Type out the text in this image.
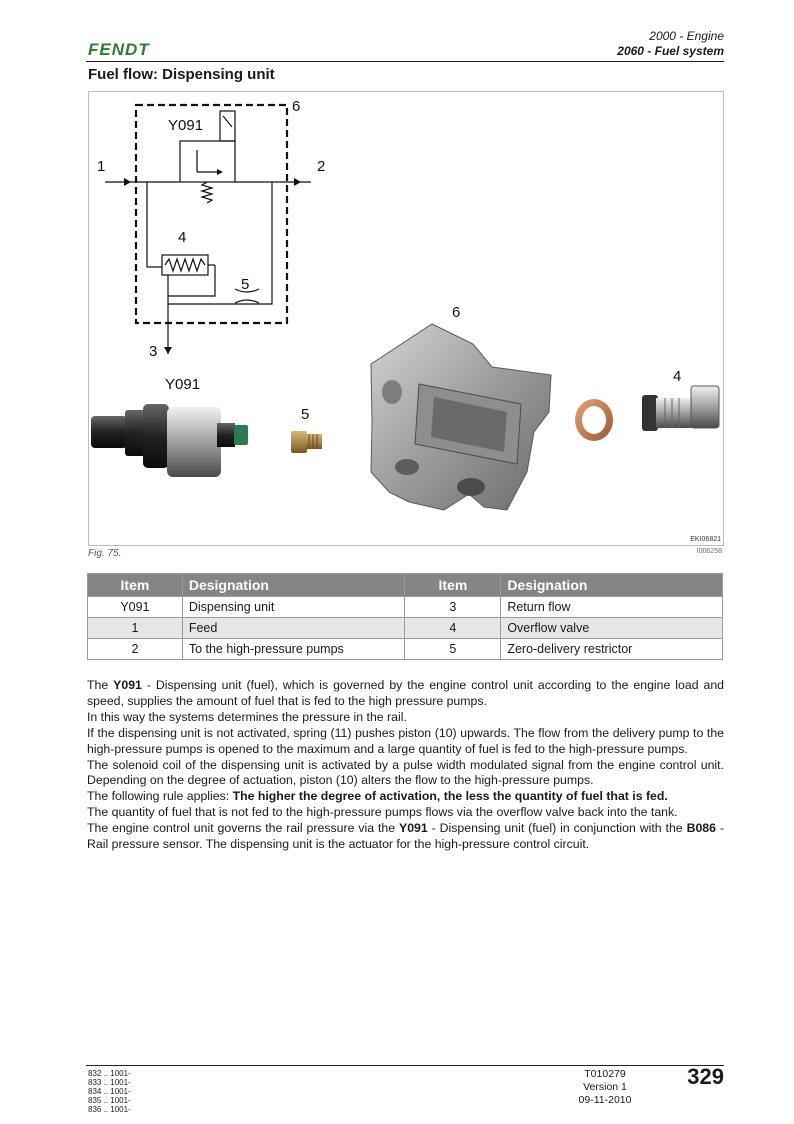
FENDT
2000 - Engine
2060 - Fuel system
Fuel flow: Dispensing unit
1	2
3
4
5
6
Y091
Y091
5
6
4
EKI06821
Fig. 75.	I006258
Item	Designation	Item	Designation
Y091	Dispensing unit	3	Return flow
1	Feed	4	Overflow valve
2	To the high-pressure pumps	5	Zero-delivery restrictor

The Y091 - Dispensing unit (fuel), which is governed by the engine control unit according to the engine load and speed, supplies the amount of fuel that is fed to the high pressure pumps.

In this way the systems determines the pressure in the rail.

If the dispensing unit is not activated, spring (11) pushes piston (10) upwards. The flow from the delivery pump to the high-pressure pumps is opened to the maximum and a large quantity of fuel is fed to the high-pressure pumps.

The solenoid coil of the dispensing unit is activated by a pulse width modulated signal from the engine control unit. Depending on the degree of actuation, piston (10) alters the flow to the high-pressure pumps.

The following rule applies: The higher the degree of activation, the less the quantity of fuel that is fed.

The quantity of fuel that is not fed to the high-pressure pumps flows via the overflow valve back into the tank.

The engine control unit governs the rail pressure via the Y091 - Dispensing unit (fuel) in conjunction with the B086 - Rail pressure sensor. The dispensing unit is the actuator for the high-pressure control circuit.

832 .. 1001-
833 .. 1001-
834 .. 1001-
835 .. 1001-
836 .. 1001-
T010279
Version 1
09-11-2010
329
